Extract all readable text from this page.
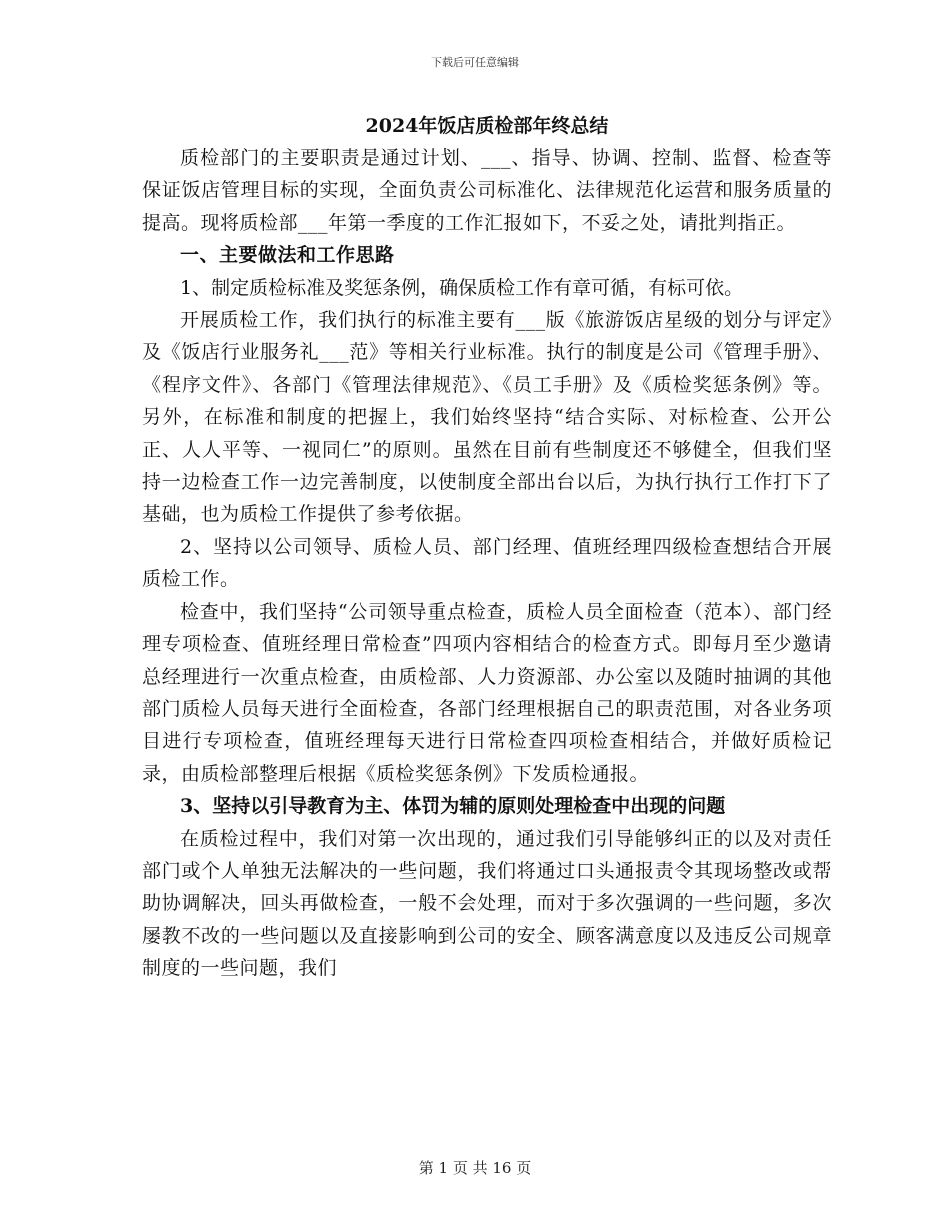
下载后可任意编辑
2024年饭店质检部年终总结

质检部门的主要职责是通过计划、___、指导、协调、控制、监督、检查等保证饭店管理目标的实现，全面负责公司标准化、法律规范化运营和服务质量的提高。现将质检部___年第一季度的工作汇报如下，不妥之处，请批判指正。

一、主要做法和工作思路

1、制定质检标准及奖惩条例，确保质检工作有章可循，有标可依。

开展质检工作，我们执行的标准主要有___版《旅游饭店星级的划分与评定》及《饭店行业服务礼___范》等相关行业标准。执行的制度是公司《管理手册》、《程序文件》、各部门《管理法律规范》、《员工手册》及《质检奖惩条例》等。另外，在标准和制度的把握上，我们始终坚持“结合实际、对标检查、公开公正、人人平等、一视同仁”的原则。虽然在目前有些制度还不够健全，但我们坚持一边检查工作一边完善制度，以使制度全部出台以后，为执行执行工作打下了基础，也为质检工作提供了参考依据。

2、坚持以公司领导、质检人员、部门经理、值班经理四级检查想结合开展质检工作。

检查中，我们坚持“公司领导重点检查，质检人员全面检查（范本）、部门经理专项检查、值班经理日常检查”四项内容相结合的检查方式。即每月至少邀请总经理进行一次重点检查，由质检部、人力资源部、办公室以及随时抽调的其他部门质检人员每天进行全面检查，各部门经理根据自己的职责范围，对各业务项目进行专项检查，值班经理每天进行日常检查四项检查相结合，并做好质检记录，由质检部整理后根据《质检奖惩条例》下发质检通报。

3、坚持以引导教育为主、体罚为辅的原则处理检查中出现的问题

在质检过程中，我们对第一次出现的，通过我们引导能够纠正的以及对责任部门或个人单独无法解决的一些问题，我们将通过口头通报责令其现场整改或帮助协调解决，回头再做检查，一般不会处理，而对于多次强调的一些问题，多次屡教不改的一些问题以及直接影响到公司的安全、顾客满意度以及违反公司规章制度的一些问题，我们

第 1 页 共 16 页
